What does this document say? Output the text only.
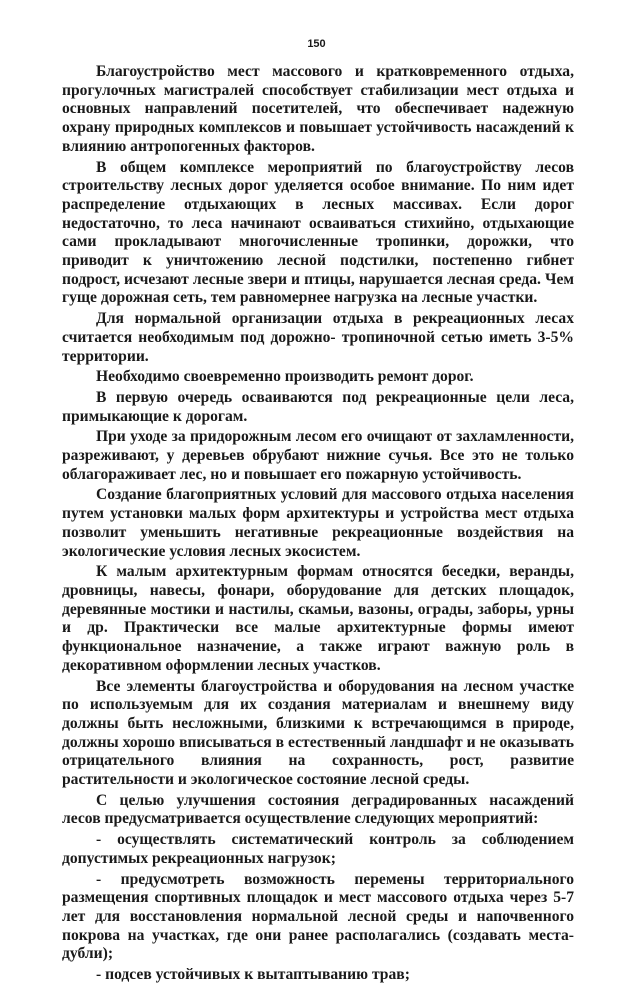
150

Благоустройство мест массового и кратковременного отдыха, прогулочных магистралей способствует стабилизации мест отдыха и основных направлений посетителей, что обеспечивает надежную охрану природных комплексов и повышает устойчивость насаждений к влиянию антропогенных факторов.

В общем комплексе мероприятий по благоустройству лесов строительству лесных дорог уделяется особое внимание. По ним идет распределение отдыхающих в лесных массивах. Если дорог недостаточно, то леса начинают осваиваться стихийно, отдыхающие сами прокладывают многочисленные тропинки, дорожки, что приводит к уничтожению лесной подстилки, постепенно гибнет подрост, исчезают лесные звери и птицы, нарушается лесная среда. Чем гуще дорожная сеть, тем равномернее нагрузка на лесные участки.

Для нормальной организации отдыха в рекреационных лесах считается необходимым под дорожно- тропиночной сетью иметь 3-5% территории.

Необходимо своевременно производить ремонт дорог.

В первую очередь осваиваются под рекреационные цели леса, примыкающие к дорогам.

При уходе за придорожным лесом его очищают от захламленности, разреживают, у деревьев обрубают нижние сучья. Все это не только облагораживает лес, но и повышает его пожарную устойчивость.

Создание благоприятных условий для массового отдыха населения путем установки малых форм архитектуры и устройства мест отдыха позволит уменьшить негативные рекреационные воздействия на экологические условия лесных экосистем.

К малым архитектурным формам относятся беседки, веранды, дровницы, навесы, фонари, оборудование для детских площадок, деревянные мостики и настилы, скамьи, вазоны, ограды, заборы, урны и др. Практически все малые архитектурные формы имеют функциональное назначение, а также играют важную роль в декоративном оформлении лесных участков.

Все элементы благоустройства и оборудования на лесном участке по используемым для их создания материалам и внешнему виду должны быть несложными, близкими к встречающимся в природе, должны хорошо вписываться в естественный ландшафт и не оказывать отрицательного влияния на сохранность, рост, развитие растительности и экологическое состояние лесной среды.

С целью улучшения состояния деградированных насаждений лесов предусматривается осуществление следующих мероприятий:

- осуществлять систематический контроль за соблюдением допустимых рекреационных нагрузок;

- предусмотреть возможность перемены территориального размещения спортивных площадок и мест массового отдыха через 5-7 лет для восстановления нормальной лесной среды и напочвенного покрова на участках, где они ранее располагались (создавать места-дубли);

- подсев устойчивых к вытаптыванию трав;
